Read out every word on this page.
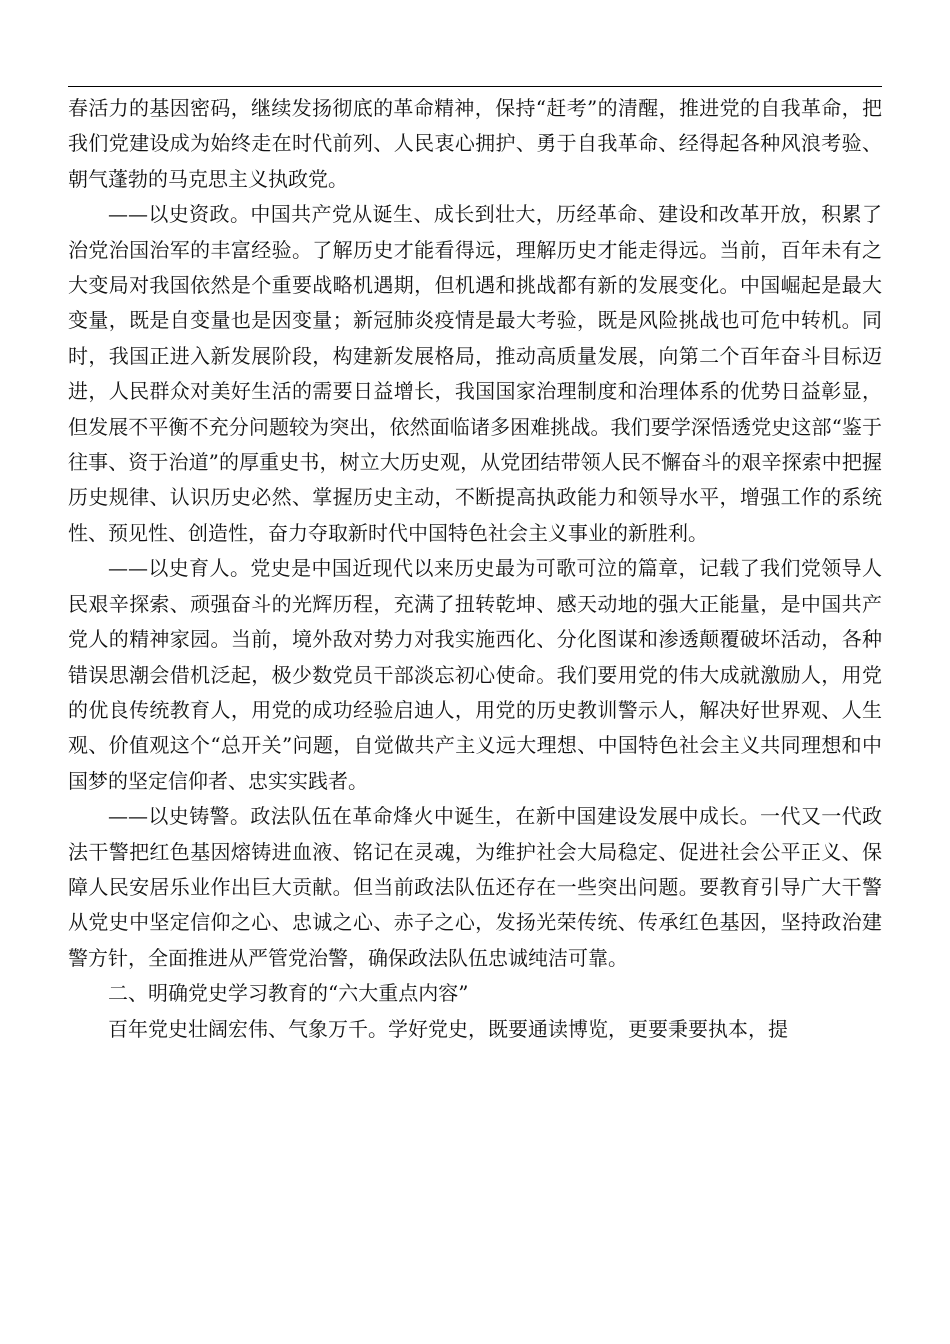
春活力的基因密码，继续发扬彻底的革命精神，保持“赶考”的清醒，推进党的自我革命，把我们党建设成为始终走在时代前列、人民衷心拥护、勇于自我革命、经得起各种风浪考验、朝气蓬勃的马克思主义执政党。

——以史资政。中国共产党从诞生、成长到壮大，历经革命、建设和改革开放，积累了治党治国治军的丰富经验。了解历史才能看得远，理解历史才能走得远。当前，百年未有之大变局对我国依然是个重要战略机遇期，但机遇和挑战都有新的发展变化。中国崛起是最大变量，既是自变量也是因变量；新冠肺炎疫情是最大考验，既是风险挑战也可危中转机。同时，我国正进入新发展阶段，构建新发展格局，推动高质量发展，向第二个百年奋斗目标迈进，人民群众对美好生活的需要日益增长，我国国家治理制度和治理体系的优势日益彰显，但发展不平衡不充分问题较为突出，依然面临诸多困难挑战。我们要学深悟透党史这部“鉴于往事、资于治道”的厚重史书，树立大历史观，从党团结带领人民不懈奋斗的艰辛探索中把握历史规律、认识历史必然、掌握历史主动，不断提高执政能力和领导水平，增强工作的系统性、预见性、创造性，奋力夺取新时代中国特色社会主义事业的新胜利。

——以史育人。党史是中国近现代以来历史最为可歌可泣的篇章，记载了我们党领导人民艰辛探索、顽强奋斗的光辉历程，充满了扭转乾坤、感天动地的强大正能量，是中国共产党人的精神家园。当前，境外敌对势力对我实施西化、分化图谋和渗透颠覆破坏活动，各种错误思潮会借机泛起，极少数党员干部淡忘初心使命。我们要用党的伟大成就激励人，用党的优良传统教育人，用党的成功经验启迪人，用党的历史教训警示人，解决好世界观、人生观、价值观这个“总开关”问题，自觉做共产主义远大理想、中国特色社会主义共同理想和中国梦的坚定信仰者、忠实实践者。

——以史铸警。政法队伍在革命烽火中诞生，在新中国建设发展中成长。一代又一代政法干警把红色基因熔铸进血液、铭记在灵魂，为维护社会大局稳定、促进社会公平正义、保障人民安居乐业作出巨大贡献。但当前政法队伍还存在一些突出问题。要教育引导广大干警从党史中坚定信仰之心、忠诚之心、赤子之心，发扬光荣传统、传承红色基因，坚持政治建警方针，全面推进从严管党治警，确保政法队伍忠诚纯洁可靠。

二、明确党史学习教育的“六大重点内容”

百年党史壮阔宏伟、气象万千。学好党史，既要通读博览，更要秉要执本，提
